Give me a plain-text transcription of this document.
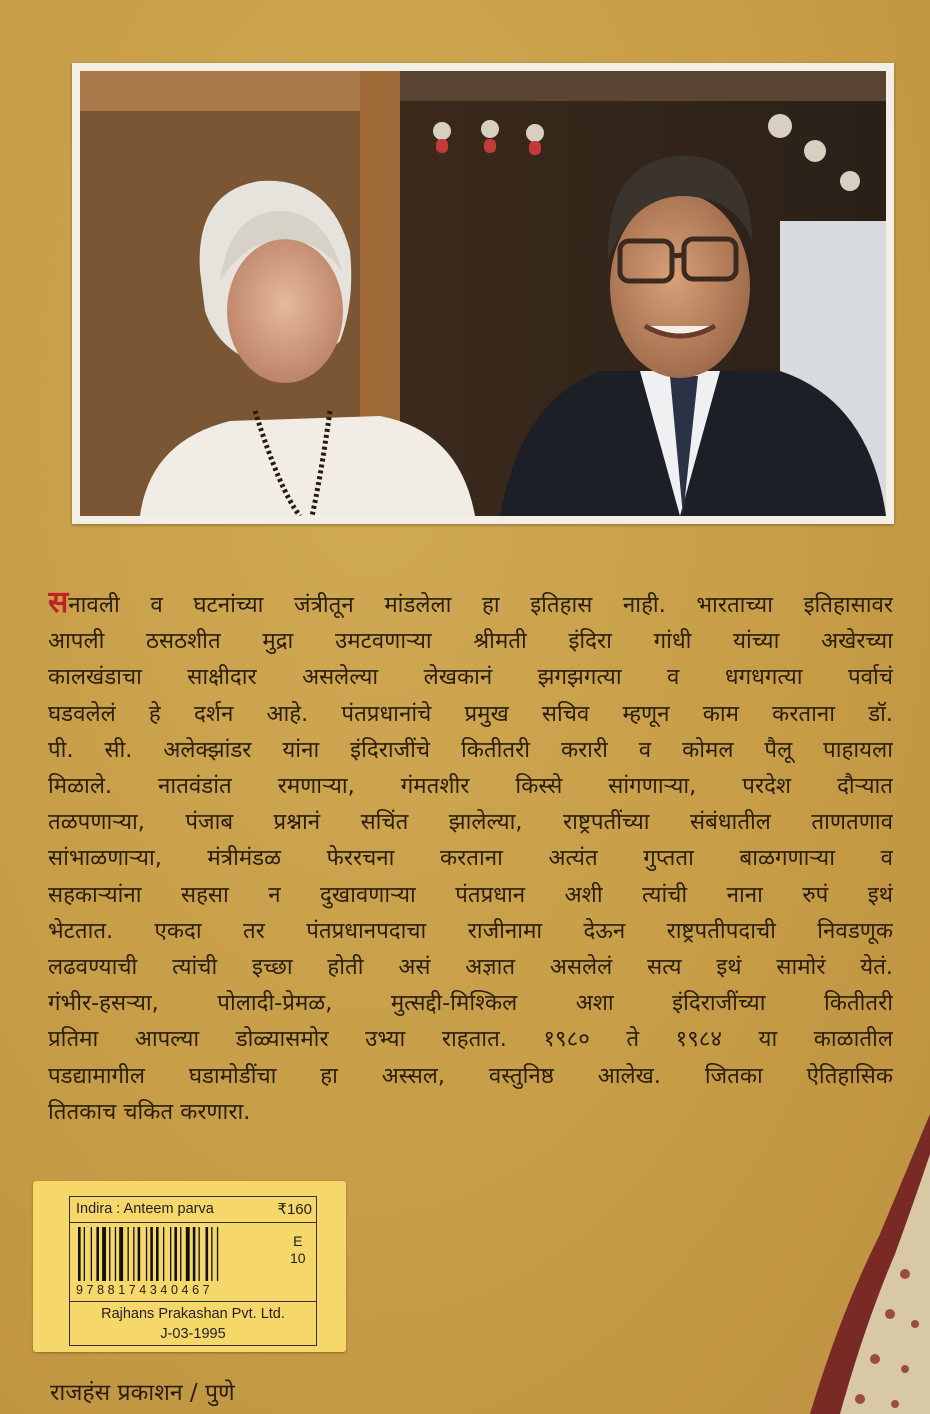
सनावली व घटनांच्या जंत्रीतून मांडलेला हा इतिहास नाही. भारताच्या इतिहासावर
आपली ठसठशीत मुद्रा उमटवणाऱ्या श्रीमती इंदिरा गांधी यांच्या अखेरच्या
कालखंडाचा साक्षीदार असलेल्या लेखकानं झगझगत्या व धगधगत्या पर्वाचं
घडवलेलं हे दर्शन आहे. पंतप्रधानांचे प्रमुख सचिव म्हणून काम करताना डॉ.
पी. सी. अलेक्झांडर यांना इंदिराजींचे कितीतरी करारी व कोमल पैलू पाहायला
मिळाले. नातवंडांत रमणाऱ्या, गंमतशीर किस्से सांगणाऱ्या, परदेश दौऱ्यात
तळपणाऱ्या, पंजाब प्रश्नानं सचिंत झालेल्या, राष्ट्रपतींच्या संबंधातील ताणतणाव
सांभाळणाऱ्या, मंत्रीमंडळ फेररचना करताना अत्यंत गुप्तता बाळगणाऱ्या व
सहकाऱ्यांना सहसा न दुखावणाऱ्या पंतप्रधान अशी त्यांची नाना रुपं इथं
भेटतात. एकदा तर पंतप्रधानपदाचा राजीनामा देऊन राष्ट्रपतीपदाची निवडणूक
लढवण्याची त्यांची इच्छा होती असं अज्ञात असलेलं सत्य इथं सामोरं येतं.
गंभीर-हसऱ्या, पोलादी-प्रेमळ, मुत्सद्दी-मिश्किल अशा इंदिराजींच्या कितीतरी
प्रतिमा आपल्या डोळ्यासमोर उभ्या राहतात. १९८० ते १९८४ या काळातील
पडद्यामागील घडामोडींचा हा अस्सल, वस्तुनिष्ठ आलेख. जितका ऐतिहासिक
तितकाच चकित करणारा.

Indira : Anteem parva	₹160
9788174340467
E
10
Rajhans Prakashan Pvt. Ltd.
J-03-1995

राजहंस प्रकाशन / पुणे
